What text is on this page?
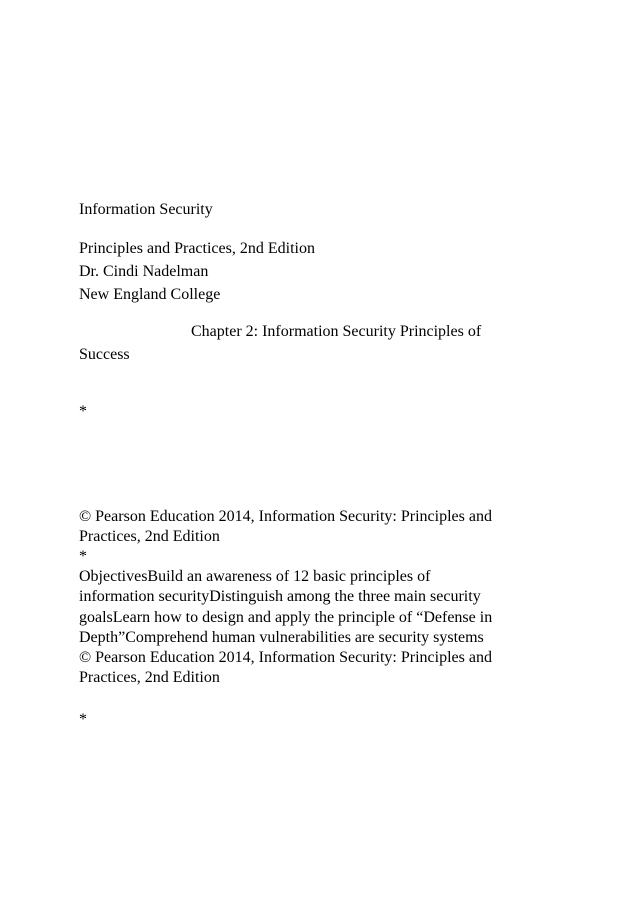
Information Security

Principles and Practices, 2nd Edition

Dr. Cindi Nadelman

New England College

Chapter 2: Information Security Principles of

Success

*

© Pearson Education 2014, Information Security: Principles and

Practices, 2nd Edition

*

ObjectivesBuild an awareness of 12 basic principles of

information securityDistinguish among the three main security

goalsLearn how to design and apply the principle of “Defense in

Depth”Comprehend human vulnerabilities are security systems

© Pearson Education 2014, Information Security: Principles and

Practices, 2nd Edition

*
